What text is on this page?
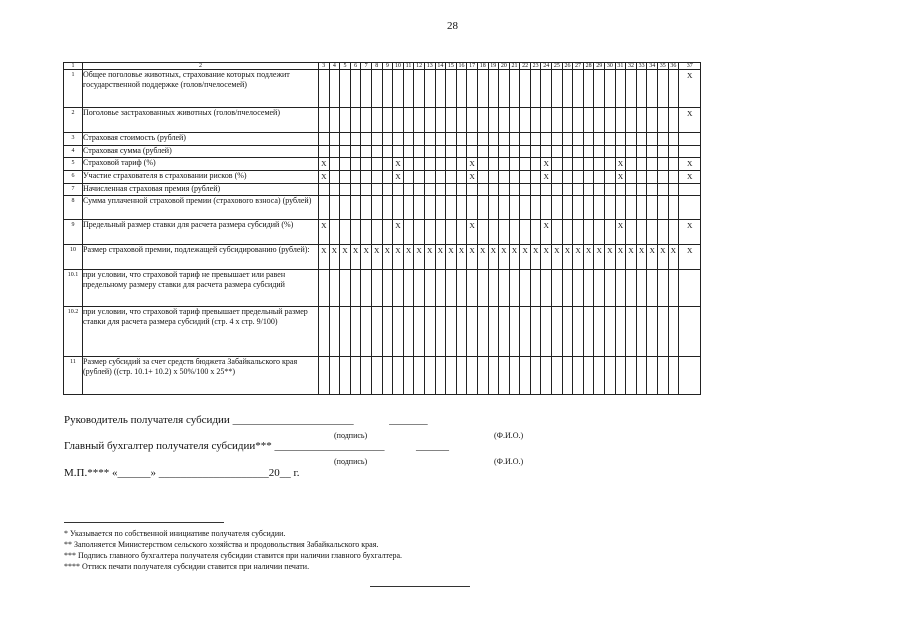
28
1	2	3	4	5	6	7	8	9	10	11	12	13	14	15	16	17	18	19	20	21	22	23	24	25	26	27	28	29	30	31	32	33	34	35	36	37
1	Общее поголовье животных, страхование которых подлежит государственной поддержке (голов/пчелосемей)																																			Х
2	Поголовье застрахованных животных (голов/пчелосемей)																																			Х
3	Страховая стоимость (рублей)																																			
4	Страховая сумма (рублей)																																			
5	Страховой тариф (%)	Х							Х							Х							Х							Х						Х
6	Участие страхователя в страховании рисков (%)	Х							Х							Х							Х							Х						Х
7	Начисленная страховая премия (рублей)																																			
8	Сумма уплаченной страховой премии (страхового взноса) (рублей)																																			
9	Предельный размер ставки для расчета размера субсидий (%)	Х							Х							Х							Х							Х						Х
10	Размер страховой премии, подлежащей субсидированию (рублей):	Х	Х	Х	Х	Х	Х	Х	Х	Х	Х	Х	Х	Х	Х	Х	Х	Х	Х	Х	Х	Х	Х	Х	Х	Х	Х	Х	Х	Х	Х	Х	Х	Х	Х	Х
10.1	при условии, что страховой тариф не превышает или равен предельному размеру ставки для расчета размера субсидий																																			
10.2	при условии, что страховой тариф превышает предельный размер ставки для расчета размера субсидий (стр. 4 х стр. 9/100)																																			
11	Размер субсидий за счет средств бюджета Забайкальского края (рублей) ((стр. 10.1+ 10.2) х 50%/100 х 25**)																																			
Руководитель получателя субсидии ______________________	_______
(подпись)	(Ф.И.О.)
Главный бухгалтер получателя субсидии*** ____________________	______
(подпись)	(Ф.И.О.)
М.П.**** «______» ____________________20__ г.
* Указывается по собственной инициативе получателя субсидии.
** Заполняется Министерством сельского хозяйства и продовольствия Забайкальского края.
*** Подпись главного бухгалтера получателя субсидии ставится при наличии главного бухгалтера.
**** Оттиск печати получателя субсидии ставится при наличии печати.
